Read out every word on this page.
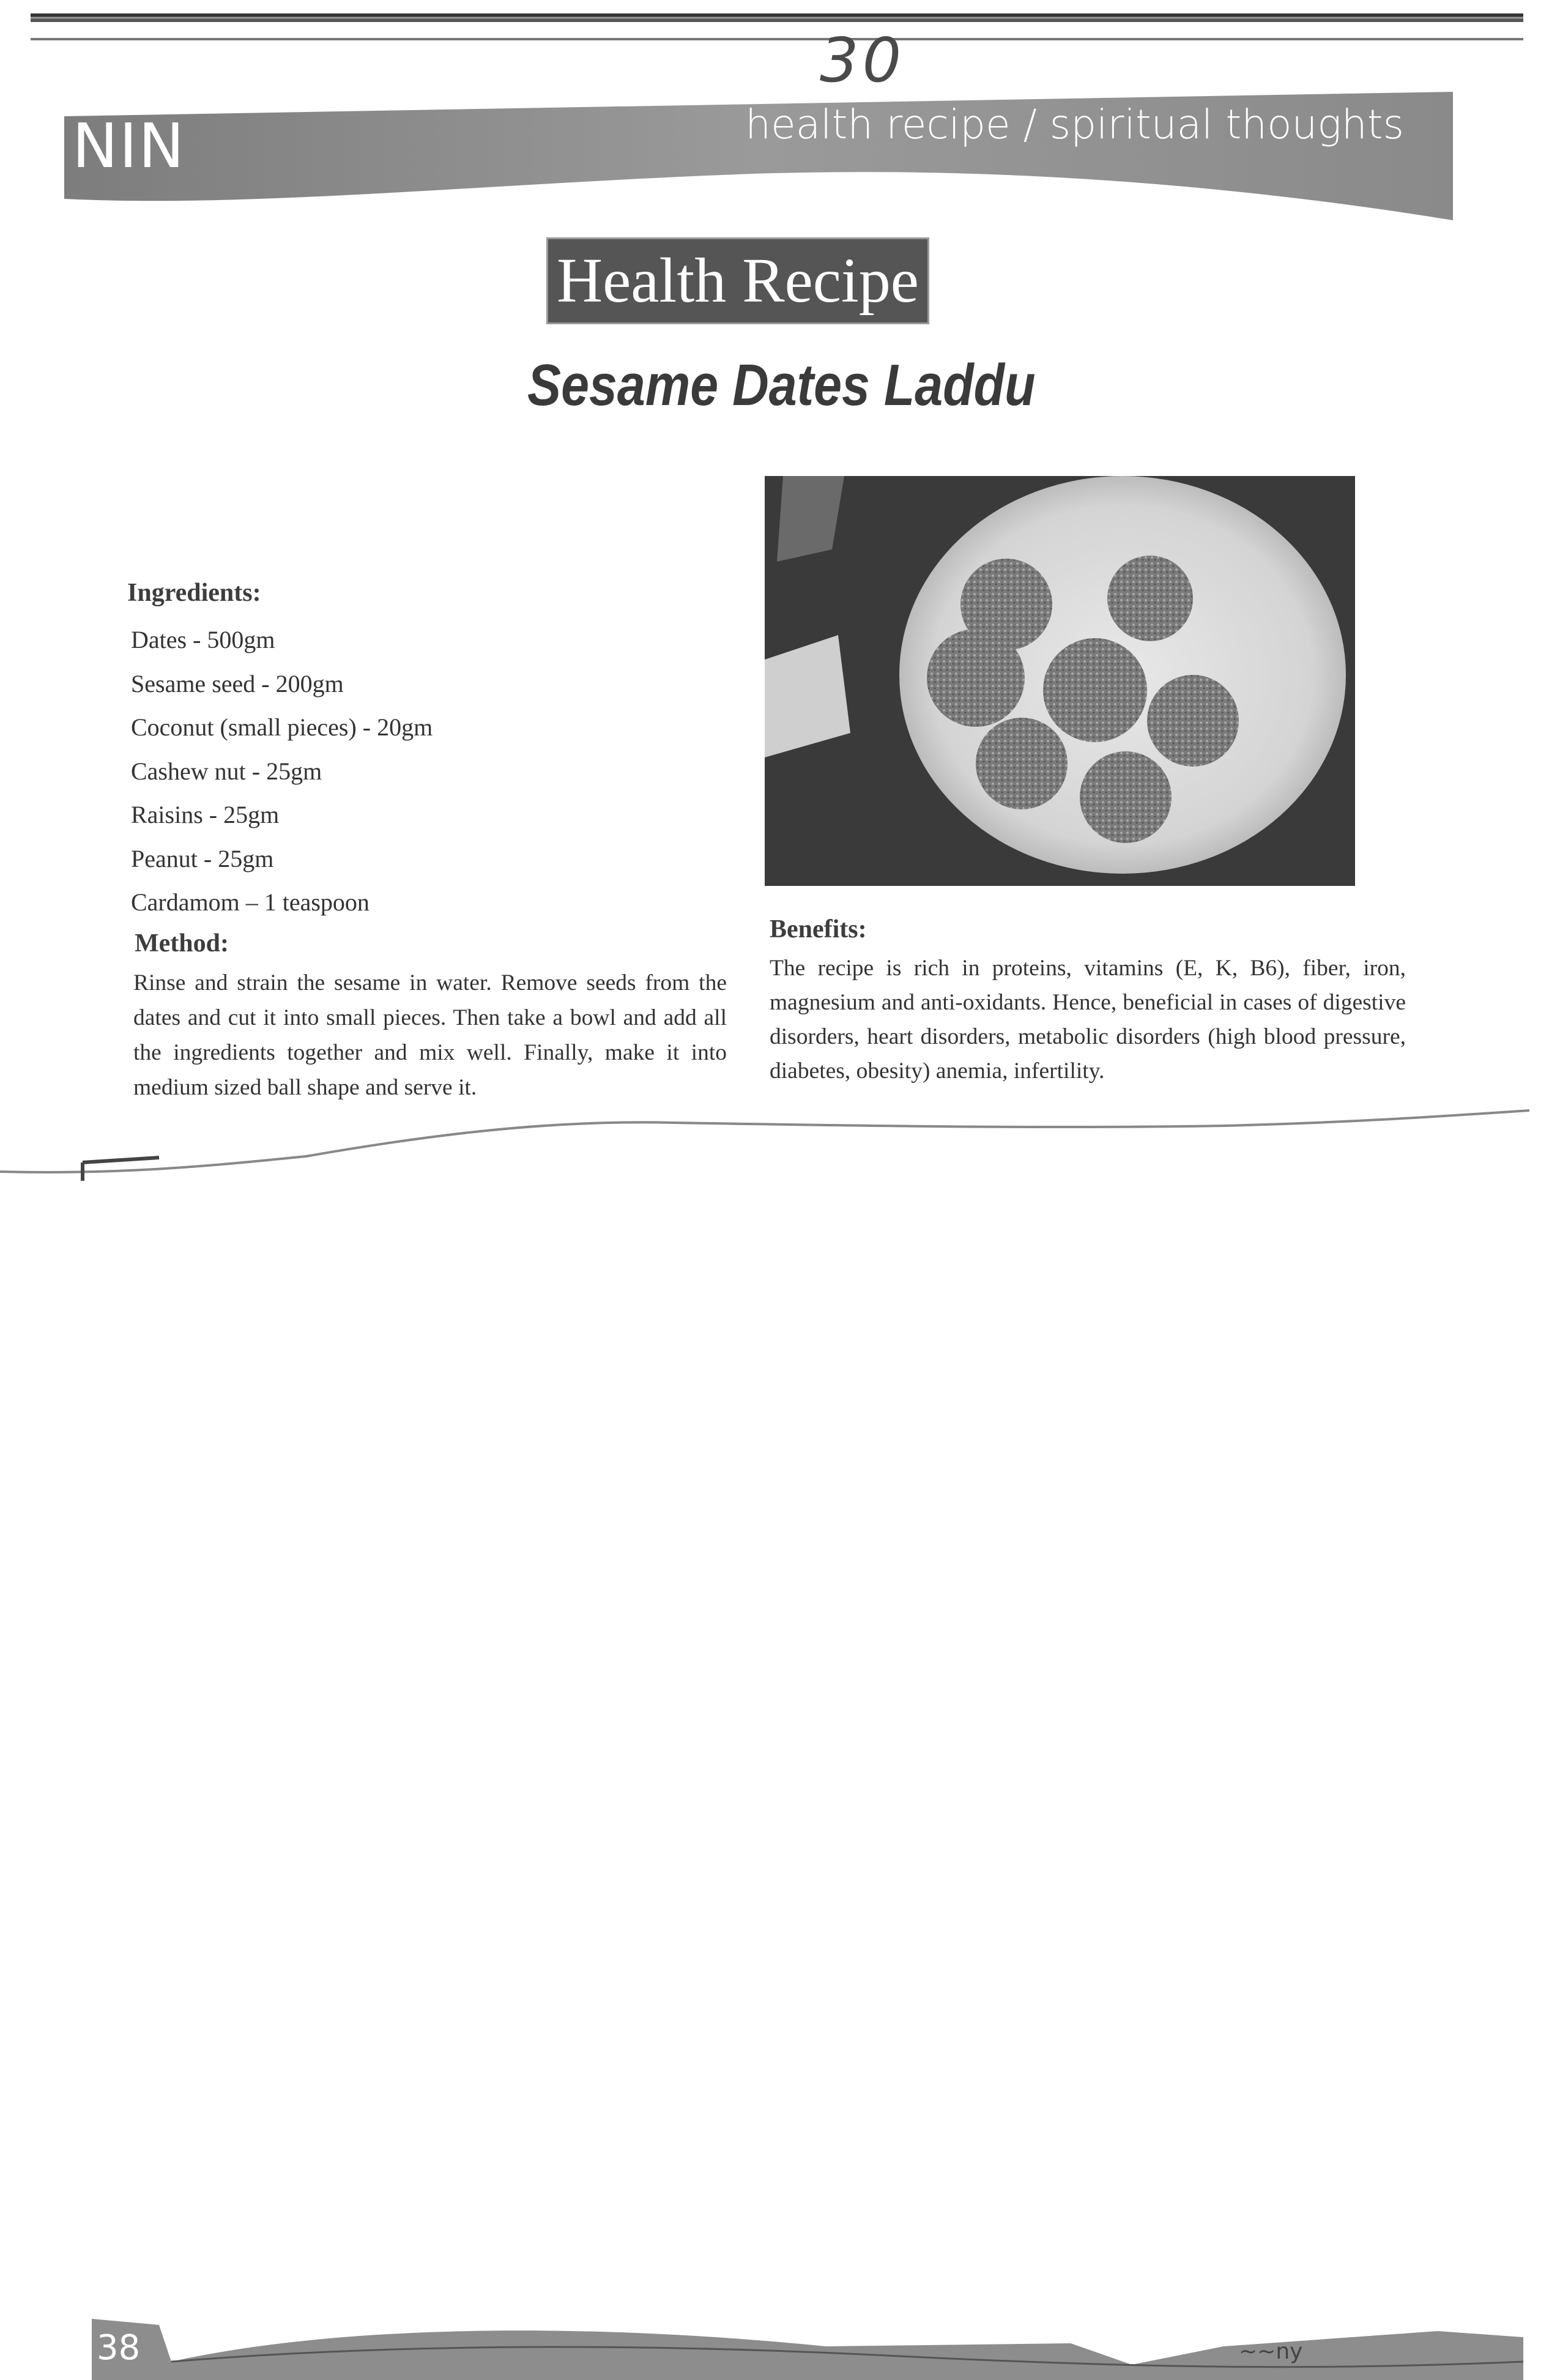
30
NIN	health recipe / spiritual thoughts
Health Recipe
Sesame Dates Laddu
Ingredients:
Dates - 500gm
Sesame seed - 200gm
Coconut (small pieces) - 20gm
Cashew nut - 25gm
Raisins - 25gm
Peanut - 25gm
Cardamom – 1 teaspoon
Method:
Rinse and strain the sesame in water. Remove seeds from the dates and cut it into small pieces. Then take a bowl and add all the ingredients together and mix well. Finally, make it into medium sized ball shape and serve it.
Benefits:
The recipe is rich in proteins, vitamins (E, K, B6), fiber, iron, magnesium and anti-oxidants. Hence, beneficial in cases of digestive disorders, heart disorders, metabolic disorders (high blood pressure, diabetes, obesity) anemia, infertility.
38	~~ny
